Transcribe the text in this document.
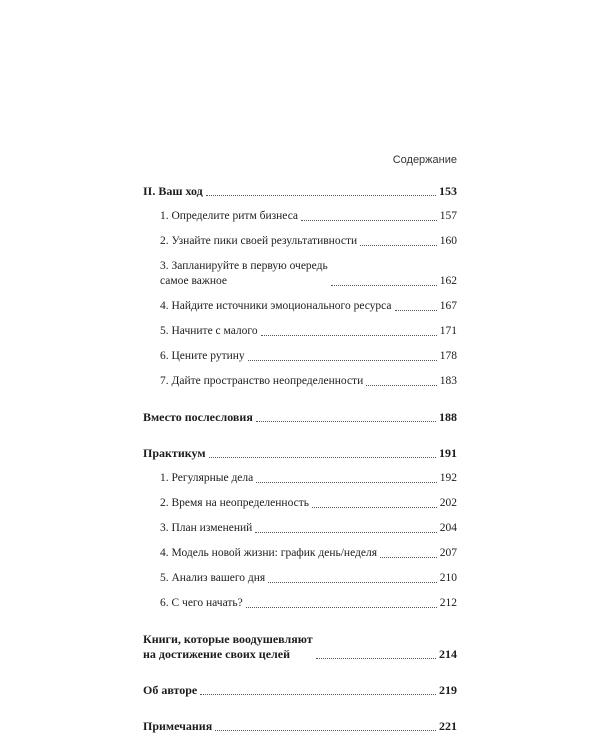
Содержание
II. Ваш ход	153
1. Определите ритм бизнеса	157
2. Узнайте пики своей результативности	160
3. Запланируйте в первую очередь
самое важное	162
4. Найдите источники эмоционального ресурса	167
5. Начните с малого	171
6. Цените рутину	178
7. Дайте пространство неопределенности	183
Вместо послесловия	188
Практикум	191
1. Регулярные дела	192
2. Время на неопределенность	202
3. План изменений	204
4. Модель новой жизни: график день/неделя	207
5. Анализ вашего дня	210
6. С чего начать?	212
Книги, которые воодушевляют
на достижение своих целей	214
Об авторе	219
Примечания	221
